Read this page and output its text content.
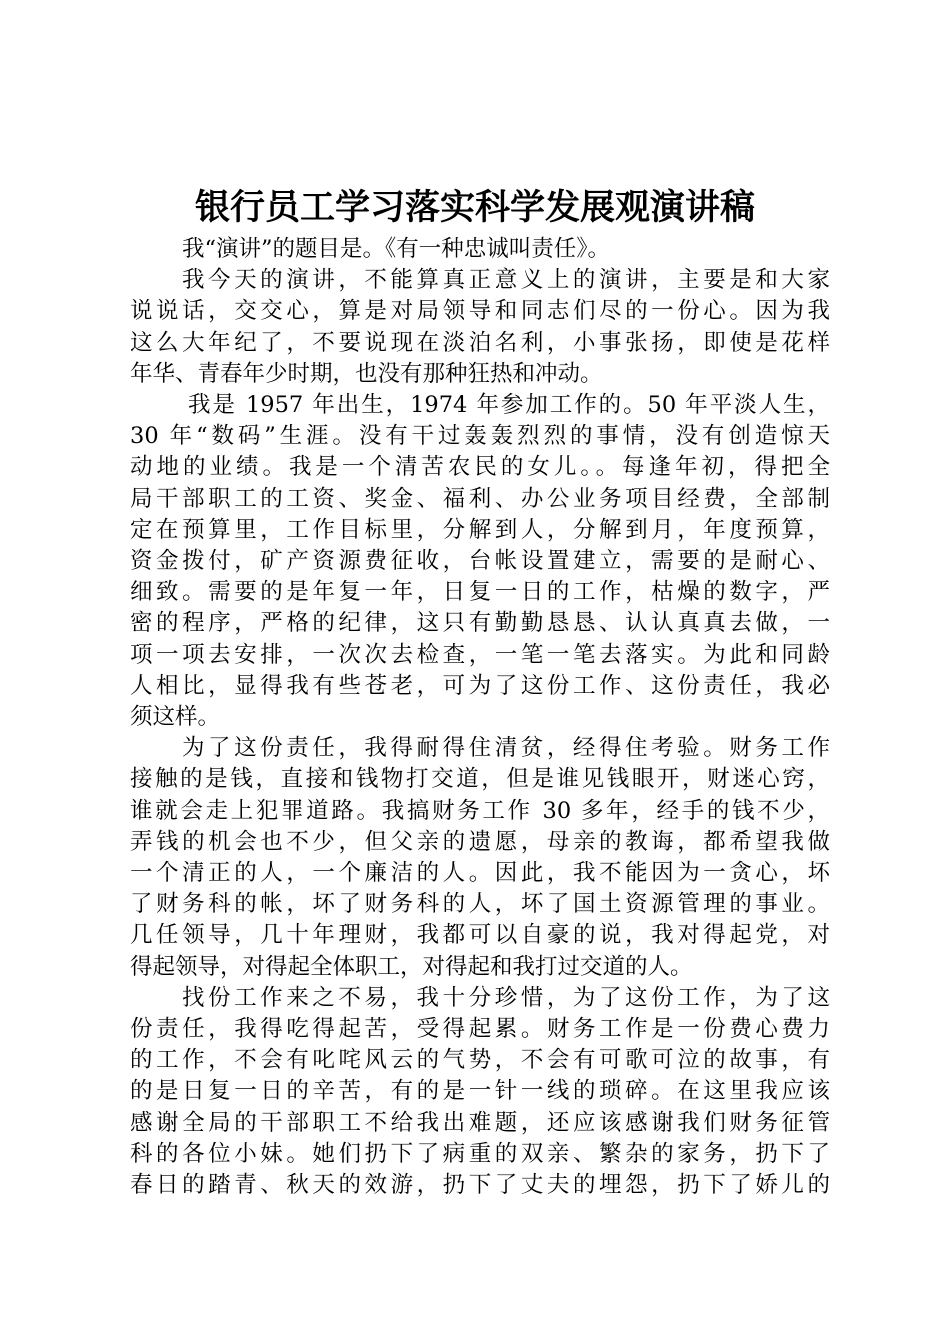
银行员工学习落实科学发展观演讲稿

我“演讲”的题目是。《有一种忠诚叫责任》。

我今天的演讲，不能算真正意义上的演讲，主要是和大家
说说话，交交心，算是对局领导和同志们尽的一份心。因为我
这么大年纪了，不要说现在淡泊名利，小事张扬，即使是花样
年华、青春年少时期，也没有那种狂热和冲动。

我是 1957 年出生，1974 年参加工作的。50 年平淡人生，
30 年“数码”生涯。没有干过轰轰烈烈的事情，没有创造惊天
动地的业绩。我是一个清苦农民的女儿。。每逢年初，得把全
局干部职工的工资、奖金、福利、办公业务项目经费，全部制
定在预算里，工作目标里，分解到人，分解到月，年度预算，
资金拨付，矿产资源费征收，台帐设置建立，需要的是耐心、
细致。需要的是年复一年，日复一日的工作，枯燥的数字，严
密的程序，严格的纪律，这只有勤勤恳恳、认认真真去做，一
项一项去安排，一次次去检查，一笔一笔去落实。为此和同龄
人相比，显得我有些苍老，可为了这份工作、这份责任，我必
须这样。

为了这份责任，我得耐得住清贫，经得住考验。财务工作
接触的是钱，直接和钱物打交道，但是谁见钱眼开，财迷心窍，
谁就会走上犯罪道路。我搞财务工作 30 多年，经手的钱不少，
弄钱的机会也不少，但父亲的遗愿，母亲的教诲，都希望我做
一个清正的人，一个廉洁的人。因此，我不能因为一贪心，坏
了财务科的帐，坏了财务科的人，坏了国土资源管理的事业。
几任领导，几十年理财，我都可以自豪的说，我对得起党，对
得起领导，对得起全体职工，对得起和我打过交道的人。

找份工作来之不易，我十分珍惜，为了这份工作，为了这
份责任，我得吃得起苦，受得起累。财务工作是一份费心费力
的工作，不会有叱咤风云的气势，不会有可歌可泣的故事，有
的是日复一日的辛苦，有的是一针一线的琐碎。在这里我应该
感谢全局的干部职工不给我出难题，还应该感谢我们财务征管
科的各位小妹。她们扔下了病重的双亲、繁杂的家务，扔下了
春日的踏青、秋天的效游，扔下了丈夫的埋怨，扔下了娇儿的
